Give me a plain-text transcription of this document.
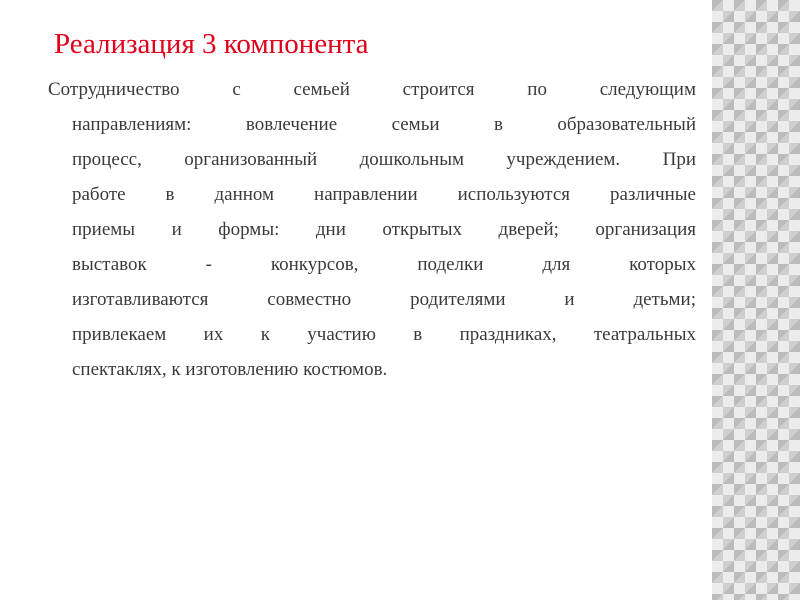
Реализация 3 компонента
Сотрудничество с семьей строится по следующим
направлениям: вовлечение семьи в образовательный
процесс, организованный дошкольным учреждением. При
работе в данном направлении используются различные
приемы и формы: дни открытых дверей; организация
выставок - конкурсов, поделки для которых
изготавливаются совместно родителями и детьми;
привлекаем их к участию в праздниках, театральных
спектаклях, к изготовлению костюмов.
